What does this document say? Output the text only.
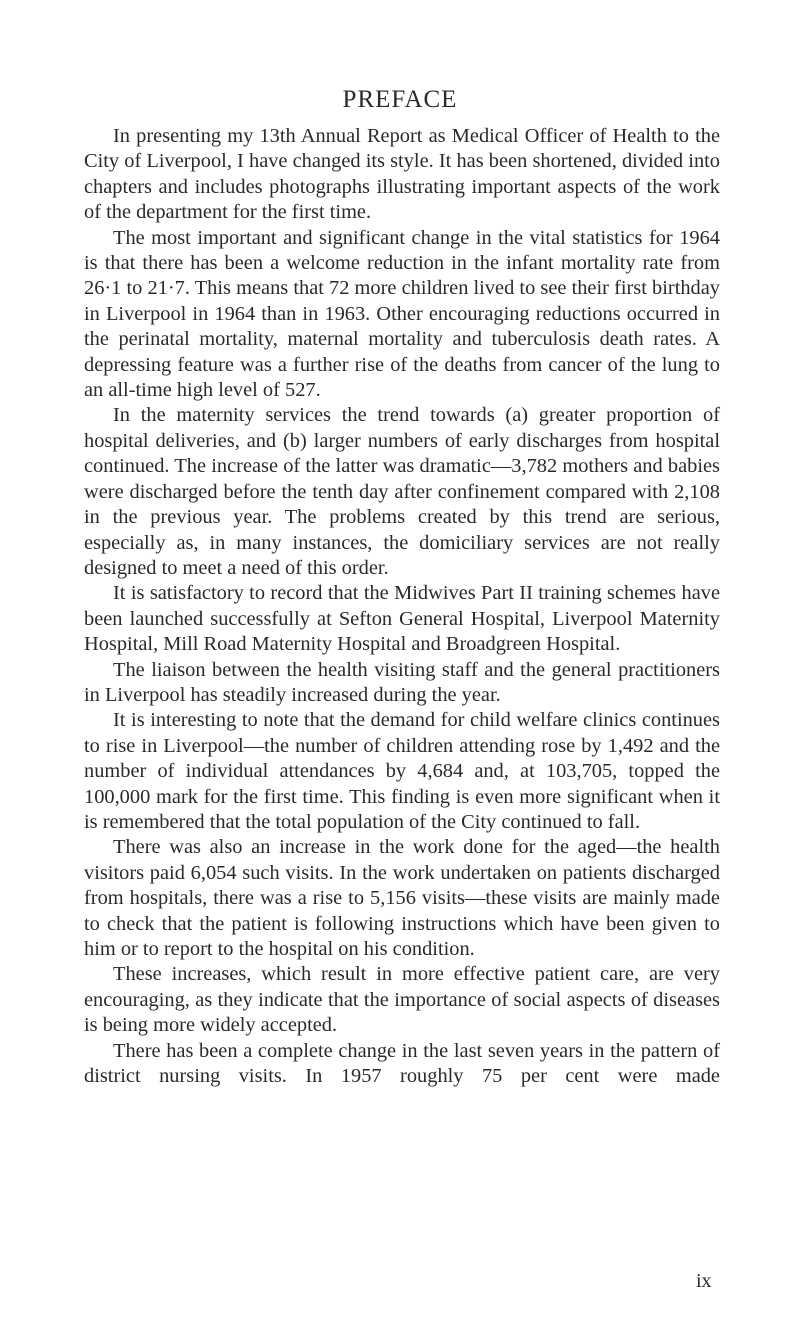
PREFACE

In presenting my 13th Annual Report as Medical Officer of Health to the City of Liverpool, I have changed its style. It has been shortened, divided into chapters and includes photographs illustrating important aspects of the work of the department for the first time.

The most important and significant change in the vital statistics for 1964 is that there has been a welcome reduction in the infant mortality rate from 26·1 to 21·7. This means that 72 more children lived to see their first birthday in Liverpool in 1964 than in 1963. Other encouraging reductions occurred in the perinatal mortality, maternal mortality and tuberculosis death rates. A depressing feature was a further rise of the deaths from cancer of the lung to an all-time high level of 527.

In the maternity services the trend towards (a) greater proportion of hospital deliveries, and (b) larger numbers of early discharges from hospital continued. The increase of the latter was dramatic—3,782 mothers and babies were discharged before the tenth day after confinement compared with 2,108 in the previous year. The problems created by this trend are serious, especially as, in many instances, the domiciliary services are not really designed to meet a need of this order.

It is satisfactory to record that the Midwives Part II training schemes have been launched successfully at Sefton General Hospital, Liverpool Maternity Hospital, Mill Road Maternity Hospital and Broadgreen Hospital.

The liaison between the health visiting staff and the general practitioners in Liverpool has steadily increased during the year.

It is interesting to note that the demand for child welfare clinics continues to rise in Liverpool—the number of children attending rose by 1,492 and the number of individual attendances by 4,684 and, at 103,705, topped the 100,000 mark for the first time. This finding is even more significant when it is remembered that the total population of the City continued to fall.

There was also an increase in the work done for the aged—the health visitors paid 6,054 such visits. In the work undertaken on patients discharged from hospitals, there was a rise to 5,156 visits—these visits are mainly made to check that the patient is following instructions which have been given to him or to report to the hospital on his condition.

These increases, which result in more effective patient care, are very encouraging, as they indicate that the importance of social aspects of diseases is being more widely accepted.

There has been a complete change in the last seven years in the pattern of district nursing visits. In 1957 roughly 75 per cent were made

ix
